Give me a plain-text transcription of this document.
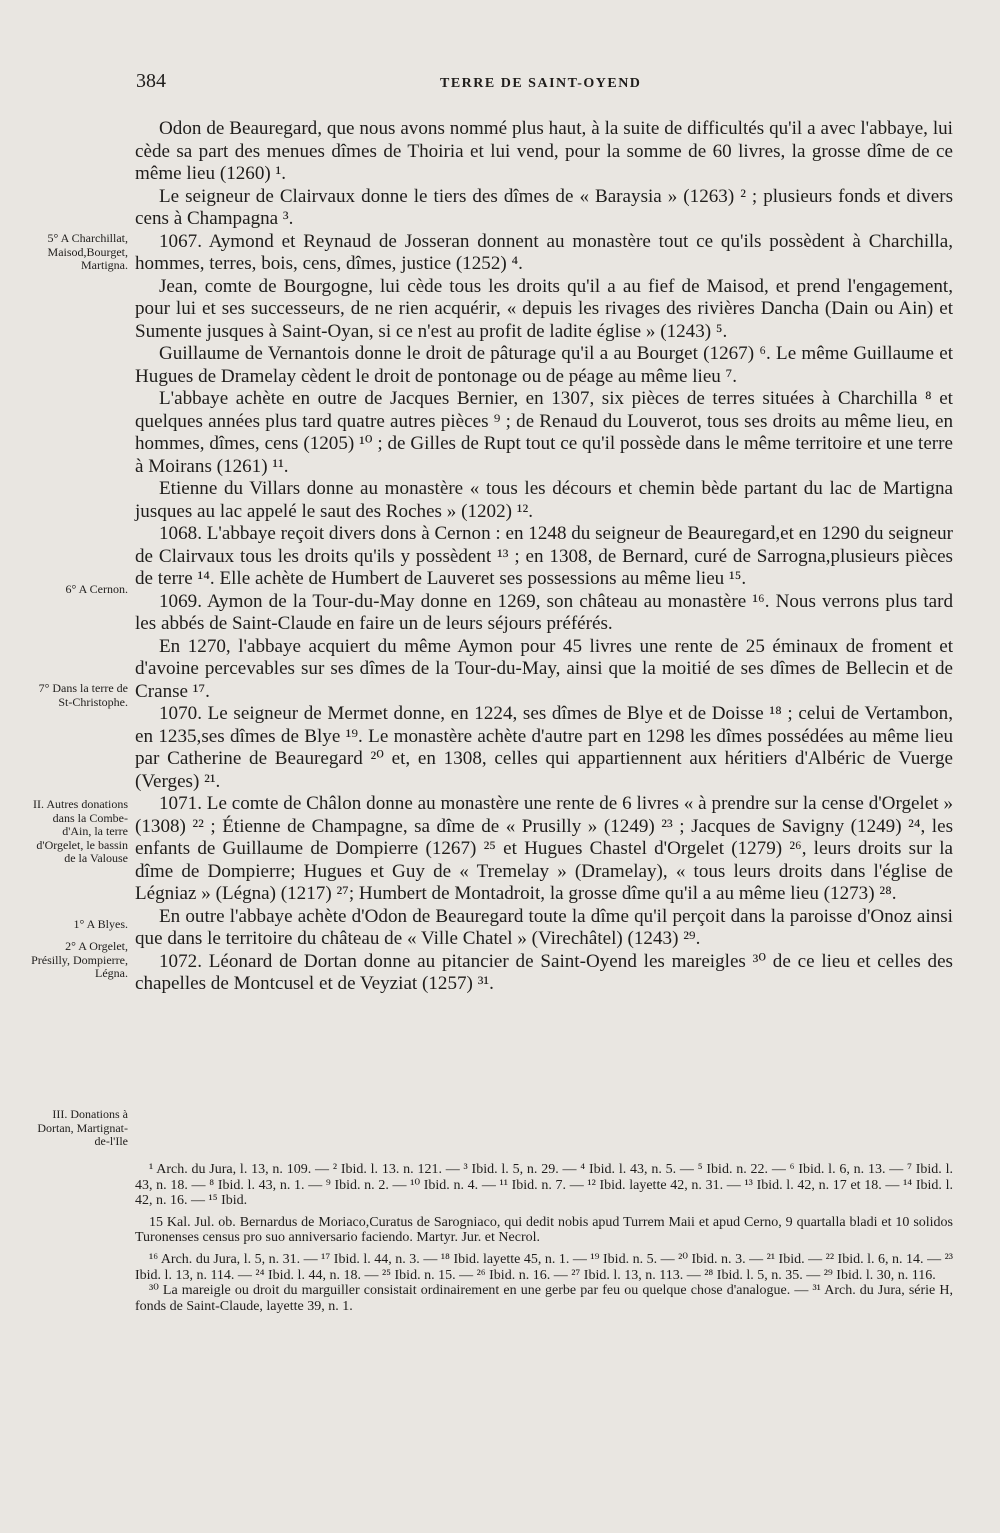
384	TERRE DE SAINT-OYEND
5° A Charchillat, Maisod,Bourget, Martigna.
6° A Cernon.
7° Dans la terre de St-Christophe.
II. Autres donations dans la Combe-d'Ain, la terre d'Orgelet, le bassin de la Valouse
1° A Blyes.
2° A Orgelet, Présilly, Dompierre, Légna.
III. Donations à Dortan, Martignat-de-l'Ile

Odon de Beauregard, que nous avons nommé plus haut, à la suite de difficultés qu'il a avec l'abbaye, lui cède sa part des menues dîmes de Thoiria et lui vend, pour la somme de 60 livres, la grosse dîme de ce même lieu (1260) ¹.

Le seigneur de Clairvaux donne le tiers des dîmes de « Baraysia » (1263) ² ; plusieurs fonds et divers cens à Champagna ³.

1067. Aymond et Reynaud de Josseran donnent au monastère tout ce qu'ils possèdent à Charchilla, hommes, terres, bois, cens, dîmes, justice (1252) ⁴.

Jean, comte de Bourgogne, lui cède tous les droits qu'il a au fief de Maisod, et prend l'engagement, pour lui et ses successeurs, de ne rien acquérir, « depuis les rivages des rivières Dancha (Dain ou Ain) et Sumente jusques à Saint-Oyan, si ce n'est au profit de ladite église » (1243) ⁵.

Guillaume de Vernantois donne le droit de pâturage qu'il a au Bourget (1267) ⁶. Le même Guillaume et Hugues de Dramelay cèdent le droit de pontonage ou de péage au même lieu ⁷.

L'abbaye achète en outre de Jacques Bernier, en 1307, six pièces de terres situées à Charchilla ⁸ et quelques années plus tard quatre autres pièces ⁹ ; de Renaud du Louverot, tous ses droits au même lieu, en hommes, dîmes, cens (1205) ¹⁰ ; de Gilles de Rupt tout ce qu'il possède dans le même territoire et une terre à Moirans (1261) ¹¹.

Etienne du Villars donne au monastère « tous les décours et chemin bède partant du lac de Martigna jusques au lac appelé le saut des Roches » (1202) ¹².

1068. L'abbaye reçoit divers dons à Cernon : en 1248 du seigneur de Beauregard,et en 1290 du seigneur de Clairvaux tous les droits qu'ils y possèdent ¹³ ; en 1308, de Bernard, curé de Sarrogna,plusieurs pièces de terre ¹⁴. Elle achète de Humbert de Lauveret ses possessions au même lieu ¹⁵.

1069. Aymon de la Tour-du-May donne en 1269, son château au monastère ¹⁶. Nous verrons plus tard les abbés de Saint-Claude en faire un de leurs séjours préférés.

En 1270, l'abbaye acquiert du même Aymon pour 45 livres une rente de 25 éminaux de froment et d'avoine percevables sur ses dîmes de la Tour-du-May, ainsi que la moitié de ses dîmes de Bellecin et de Cranse ¹⁷.

1070. Le seigneur de Mermet donne, en 1224, ses dîmes de Blye et de Doisse ¹⁸ ; celui de Vertambon, en 1235,ses dîmes de Blye ¹⁹. Le monastère achète d'autre part en 1298 les dîmes possédées au même lieu par Catherine de Beauregard ²⁰ et, en 1308, celles qui appartiennent aux héritiers d'Albéric de Vuerge (Verges) ²¹.

1071. Le comte de Châlon donne au monastère une rente de 6 livres « à prendre sur la cense d'Orgelet » (1308) ²² ; Étienne de Champagne, sa dîme de « Prusilly » (1249) ²³ ; Jacques de Savigny (1249) ²⁴, les enfants de Guillaume de Dompierre (1267) ²⁵ et Hugues Chastel d'Orgelet (1279) ²⁶, leurs droits sur la dîme de Dompierre; Hugues et Guy de « Tremelay » (Dramelay), « tous leurs droits dans l'église de Légniaz » (Légna) (1217) ²⁷; Humbert de Montadroit, la grosse dîme qu'il a au même lieu (1273) ²⁸.

En outre l'abbaye achète d'Odon de Beauregard toute la dîme qu'il perçoit dans la paroisse d'Onoz ainsi que dans le territoire du château de « Ville Chatel » (Virechâtel) (1243) ²⁹.

1072. Léonard de Dortan donne au pitancier de Saint-Oyend les mareigles ³⁰ de ce lieu et celles des chapelles de Montcusel et de Veyziat (1257) ³¹.

¹ Arch. du Jura, l. 13, n. 109. — ² Ibid. l. 13. n. 121. — ³ Ibid. l. 5, n. 29. — ⁴ Ibid. l. 43, n. 5. — ⁵ Ibid. n. 22. — ⁶ Ibid. l. 6, n. 13. — ⁷ Ibid. l. 43, n. 18. — ⁸ Ibid. l. 43, n. 1. — ⁹ Ibid. n. 2. — ¹⁰ Ibid. n. 4. — ¹¹ Ibid. n. 7. — ¹² Ibid. layette 42, n. 31. — ¹³ Ibid. l. 42, n. 17 et 18. — ¹⁴ Ibid. l. 42, n. 16. — ¹⁵ Ibid.

15 Kal. Jul. ob. Bernardus de Moriaco,Curatus de Sarogniaco, qui dedit nobis apud Turrem Maii et apud Cerno, 9 quartalla bladi et 10 solidos Turonenses census pro suo anniversario faciendo. Martyr. Jur. et Necrol.

¹⁶ Arch. du Jura, l. 5, n. 31. — ¹⁷ Ibid. l. 44, n. 3. — ¹⁸ Ibid. layette 45, n. 1. — ¹⁹ Ibid. n. 5. — ²⁰ Ibid. n. 3. — ²¹ Ibid. — ²² Ibid. l. 6, n. 14. — ²³ Ibid. l. 13, n. 114. — ²⁴ Ibid. l. 44, n. 18. — ²⁵ Ibid. n. 15. — ²⁶ Ibid. n. 16. — ²⁷ Ibid. l. 13, n. 113. — ²⁸ Ibid. l. 5, n. 35. — ²⁹ Ibid. l. 30, n. 116.

³⁰ La mareigle ou droit du marguiller consistait ordinairement en une gerbe par feu ou quelque chose d'analogue. — ³¹ Arch. du Jura, série H, fonds de Saint-Claude, layette 39, n. 1.
